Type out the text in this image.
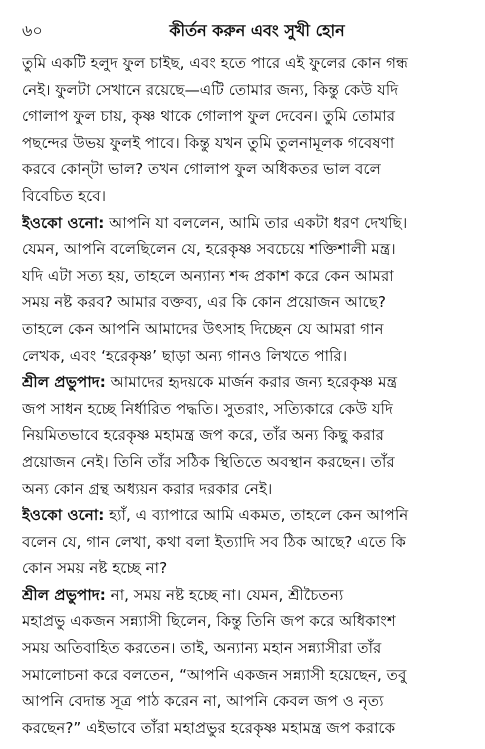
৬০	কীর্তন করুন এবং সুখী হোন
তুমি একটি হলুদ ফুল চাইছ, এবং হতে পারে এই ফুলের কোন গন্ধ
নেই। ফুলটা সেখানে রয়েছে—এটি তোমার জন্য, কিন্তু কেউ যদি
গোলাপ ফুল চায়, কৃষ্ণ থাকে গোলাপ ফুল দেবেন। তুমি তোমার
পছন্দের উভয় ফুলই পাবে। কিন্তু যখন তুমি তুলনামূলক গবেষণা
করবে কোন্‌টা ভাল? তখন গোলাপ ফুল অধিকতর ভাল বলে
বিবেচিত হবে।
ইওকো ওনো: আপনি যা বললেন, আমি তার একটা ধরণ দেখছি।
যেমন, আপনি বলেছিলেন যে, হরেকৃষ্ণ সবচেয়ে শক্তিশালী মন্ত্র।
যদি এটা সত্য হয়, তাহলে অন্যান্য শব্দ প্রকাশ করে কেন আমরা
সময় নষ্ট করব? আমার বক্তব্য, এর কি কোন প্রয়োজন আছে?
তাহলে কেন আপনি আমাদের উৎসাহ দিচ্ছেন যে আমরা গান
লেখক, এবং ‘হরেকৃষ্ণ’ ছাড়া অন্য গানও লিখতে পারি।
শ্রীল প্রভুপাদ: আমাদের হৃদয়কে মার্জন করার জন্য হরেকৃষ্ণ মন্ত্র
জপ সাধন হচ্ছে নির্ধারিত পদ্ধতি। সুতরাং, সত্যিকারে কেউ যদি
নিয়মিতভাবে হরেকৃষ্ণ মহামন্ত্র জপ করে, তাঁর অন্য কিছু করার
প্রয়োজন নেই। তিনি তাঁর সঠিক স্থিতিতে অবস্থান করছেন। তাঁর
অন্য কোন গ্রন্থ অধ্যয়ন করার দরকার নেই।
ইওকো ওনো: হ্যাঁ, এ ব্যাপারে আমি একমত, তাহলে কেন আপনি
বলেন যে, গান লেখা, কথা বলা ইত্যাদি সব ঠিক আছে? এতে কি
কোন সময় নষ্ট হচ্ছে না?
শ্রীল প্রভুপাদ: না, সময় নষ্ট হচ্ছে না। যেমন, শ্রীচৈতন্য
মহাপ্রভু একজন সন্ন্যাসী ছিলেন, কিন্তু তিনি জপ করে অধিকাংশ
সময় অতিবাহিত করতেন। তাই, অন্যান্য মহান সন্ন্যাসীরা তাঁর
সমালোচনা করে বলতেন, “আপনি একজন সন্ন্যাসী হয়েছেন, তবু
আপনি বেদান্ত সূত্র পাঠ করেন না, আপনি কেবল জপ ও নৃত্য
করছেন?” এইভাবে তাঁরা মহাপ্রভুর হরেকৃষ্ণ মহামন্ত্র জপ করাকে
